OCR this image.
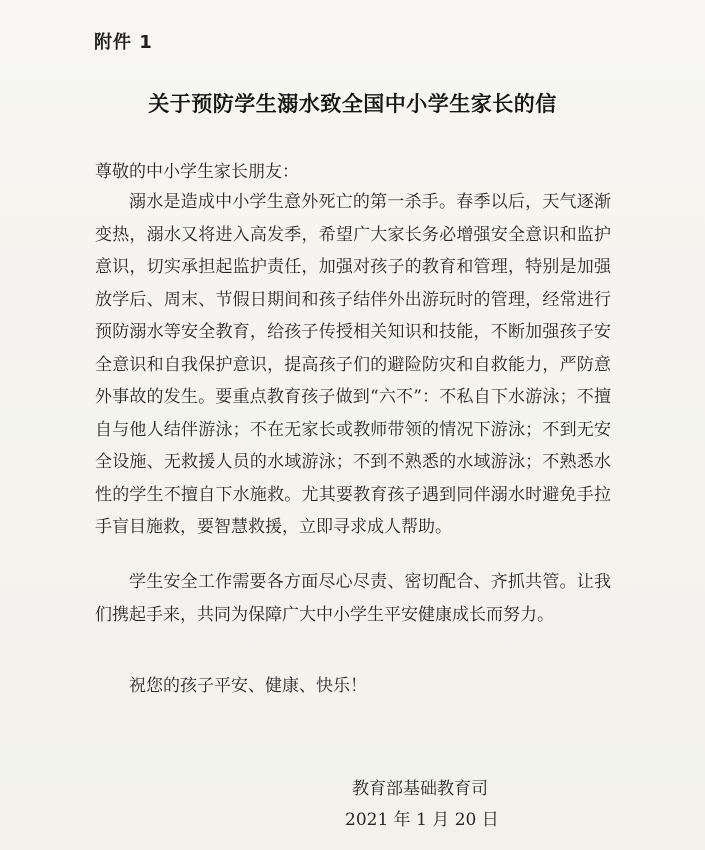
附件 1
关于预防学生溺水致全国中小学生家长的信
尊敬的中小学生家长朋友：

溺水是造成中小学生意外死亡的第一杀手。春季以后，天气逐渐变热，溺水又将进入高发季，希望广大家长务必增强安全意识和监护意识，切实承担起监护责任，加强对孩子的教育和管理，特别是加强放学后、周末、节假日期间和孩子结伴外出游玩时的管理，经常进行预防溺水等安全教育，给孩子传授相关知识和技能，不断加强孩子安全意识和自我保护意识，提高孩子们的避险防灾和自救能力，严防意外事故的发生。要重点教育孩子做到“六不”：不私自下水游泳；不擅自与他人结伴游泳；不在无家长或教师带领的情况下游泳；不到无安全设施、无救援人员的水域游泳；不到不熟悉的水域游泳；不熟悉水性的学生不擅自下水施救。尤其要教育孩子遇到同伴溺水时避免手拉手盲目施救，要智慧救援，立即寻求成人帮助。

学生安全工作需要各方面尽心尽责、密切配合、齐抓共管。让我们携起手来，共同为保障广大中小学生平安健康成长而努力。

祝您的孩子平安、健康、快乐！

教育部基础教育司
2021 年 1 月 20 日
